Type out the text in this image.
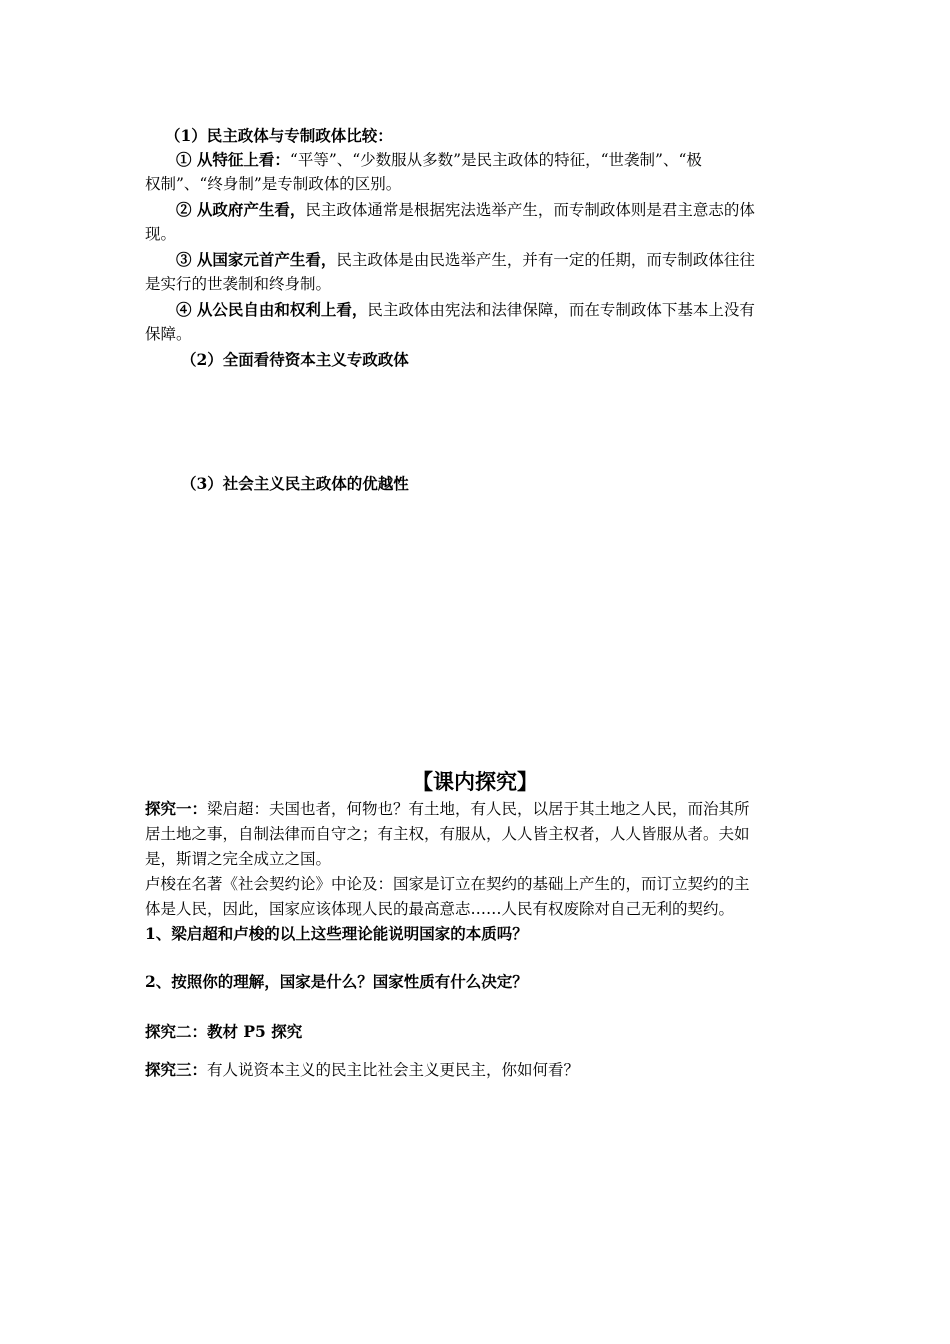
（1）民主政体与专制政体比较：
① 从特征上看：“平等”、“少数服从多数”是民主政体的特征，“世袭制”、“极
权制”、“终身制”是专制政体的区别。
② 从政府产生看，民主政体通常是根据宪法选举产生，而专制政体则是君主意志的体
现。
③ 从国家元首产生看，民主政体是由民选举产生，并有一定的任期，而专制政体往往
是实行的世袭制和终身制。
④ 从公民自由和权利上看，民主政体由宪法和法律保障，而在专制政体下基本上没有
保障。
（2）全面看待资本主义专政政体
（3）社会主义民主政体的优越性
【课内探究】
探究一：梁启超：夫国也者，何物也？有土地，有人民，以居于其土地之人民，而治其所
居土地之事，自制法律而自守之；有主权，有服从，人人皆主权者，人人皆服从者。夫如
是，斯谓之完全成立之国。
卢梭在名著《社会契约论》中论及：国家是订立在契约的基础上产生的，而订立契约的主
体是人民，因此，国家应该体现人民的最高意志……人民有权废除对自己无利的契约。
1、梁启超和卢梭的以上这些理论能说明国家的本质吗？
2、按照你的理解，国家是什么？国家性质有什么决定？
探究二：教材 P5 探究
探究三：有人说资本主义的民主比社会主义更民主，你如何看？
